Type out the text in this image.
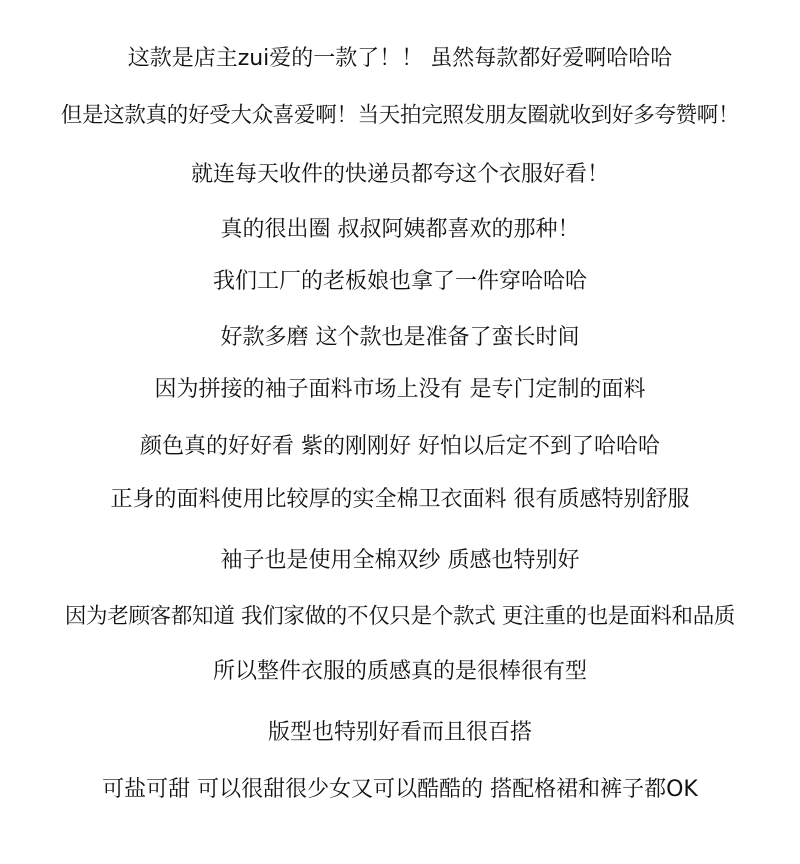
这款是店主zui爱的一款了！！ 虽然每款都好爱啊哈哈哈
但是这款真的好受大众喜爱啊！当天拍完照发朋友圈就收到好多夸赞啊！
就连每天收件的快递员都夸这个衣服好看！
真的很出圈 叔叔阿姨都喜欢的那种！
我们工厂的老板娘也拿了一件穿哈哈哈
好款多磨 这个款也是准备了蛮长时间
因为拼接的袖子面料市场上没有 是专门定制的面料
颜色真的好好看 紫的刚刚好 好怕以后定不到了哈哈哈
正身的面料使用比较厚的实全棉卫衣面料 很有质感特别舒服
袖子也是使用全棉双纱 质感也特别好
因为老顾客都知道 我们家做的不仅只是个款式 更注重的也是面料和品质
所以整件衣服的质感真的是很棒很有型
版型也特别好看而且很百搭
可盐可甜 可以很甜很少女又可以酷酷的 搭配格裙和裤子都OK
